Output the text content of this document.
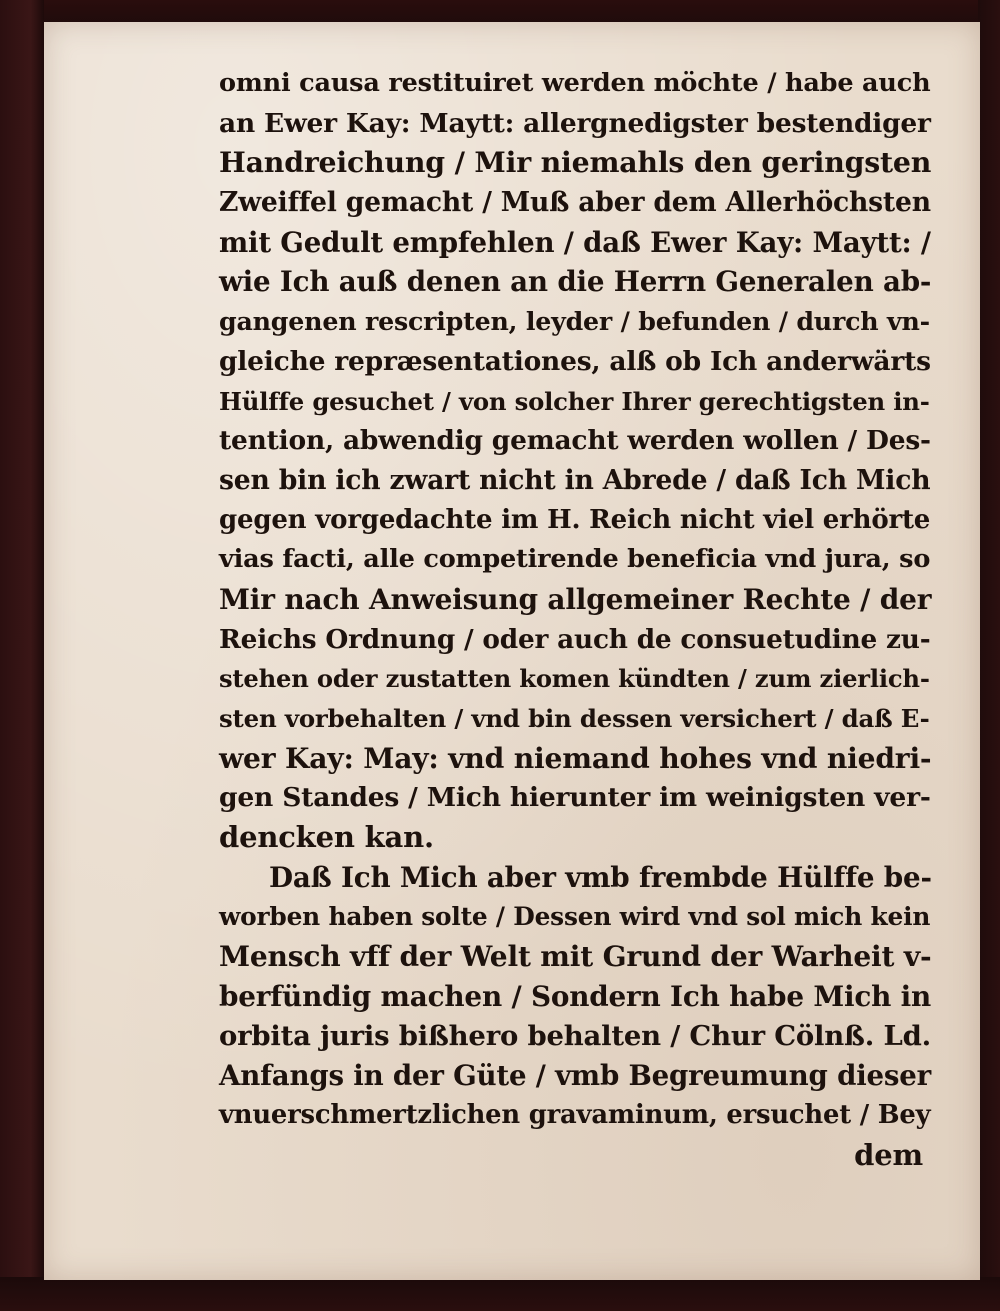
omni causa restituiret werden möchte / habe auch
an Ewer Kay: Maytt: allergnedigster bestendiger
Handreichung / Mir niemahls den geringsten
Zweiffel gemacht / Muß aber dem Allerhöchsten
mit Gedult empfehlen / daß Ewer Kay: Maytt: /
wie Ich auß denen an die Herrn Generalen ab-
gangenen rescripten, leyder / befunden / durch vn-
gleiche repræsentationes, alß ob Ich anderwärts
Hülffe gesuchet / von solcher Ihrer gerechtigsten in-
tention, abwendig gemacht werden wollen / Des-
sen bin ich zwart nicht in Abrede / daß Ich Mich
gegen vorgedachte im H. Reich nicht viel erhörte
vias facti, alle competirende beneficia vnd jura, so
Mir nach Anweisung allgemeiner Rechte / der
Reichs Ordnung / oder auch de consuetudine zu-
stehen oder zustatten komen kündten / zum zierlich-
sten vorbehalten / vnd bin dessen versichert / daß E-
wer Kay: May: vnd niemand hohes vnd niedri-
gen Standes / Mich hierunter im weinigsten ver-
dencken kan.
Daß Ich Mich aber vmb frembde Hülffe be-
worben haben solte / Dessen wird vnd sol mich kein
Mensch vff der Welt mit Grund der Warheit v-
berfündig machen / Sondern Ich habe Mich in
orbita juris bißhero behalten / Chur Cölnß. Ld.
Anfangs in der Güte / vmb Begreumung dieser
vnuerschmertzlichen gravaminum, ersuchet / Bey
dem
